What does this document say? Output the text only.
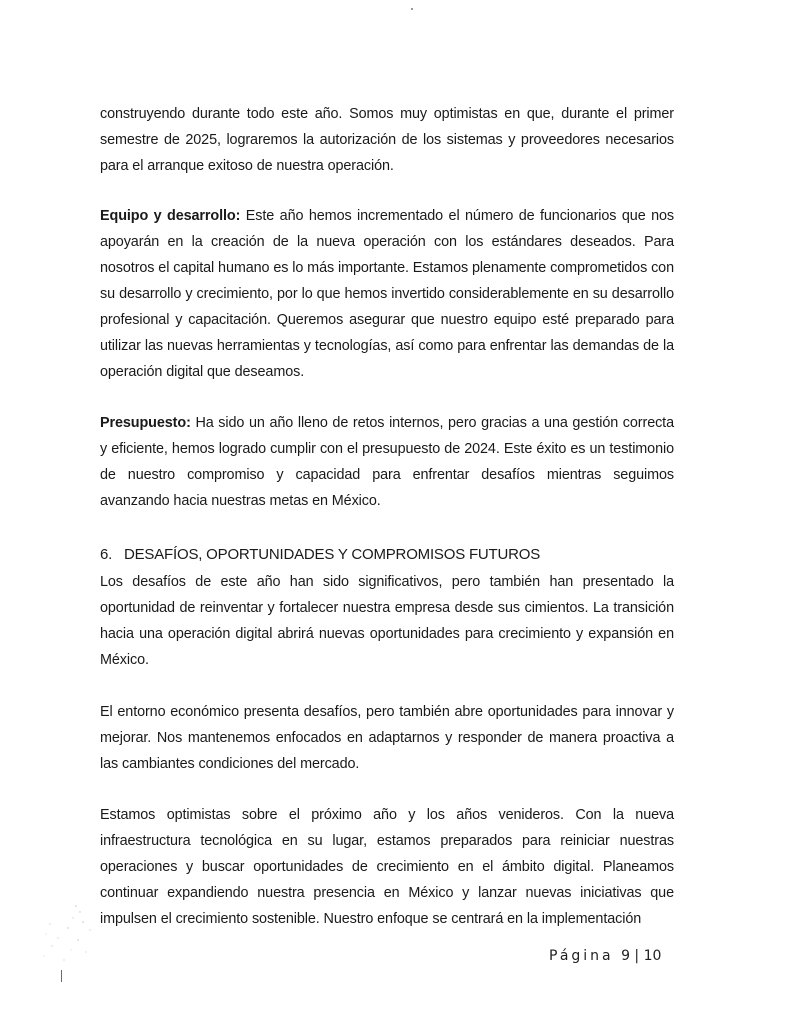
construyendo durante todo este año. Somos muy optimistas en que, durante el primer semestre de 2025, lograremos la autorización de los sistemas y proveedores necesarios para el arranque exitoso de nuestra operación.

Equipo y desarrollo: Este año hemos incrementado el número de funcionarios que nos apoyarán en la creación de la nueva operación con los estándares deseados. Para nosotros el capital humano es lo más importante. Estamos plenamente comprometidos con su desarrollo y crecimiento, por lo que hemos invertido considerablemente en su desarrollo profesional y capacitación. Queremos asegurar que nuestro equipo esté preparado para utilizar las nuevas herramientas y tecnologías, así como para enfrentar las demandas de la operación digital que deseamos.

Presupuesto: Ha sido un año lleno de retos internos, pero gracias a una gestión correcta y eficiente, hemos logrado cumplir con el presupuesto de 2024. Este éxito es un testimonio de nuestro compromiso y capacidad para enfrentar desafíos mientras seguimos avanzando hacia nuestras metas en México.

6. DESAFÍOS, OPORTUNIDADES Y COMPROMISOS FUTUROS

Los desafíos de este año han sido significativos, pero también han presentado la oportunidad de reinventar y fortalecer nuestra empresa desde sus cimientos. La transición hacia una operación digital abrirá nuevas oportunidades para crecimiento y expansión en México.

El entorno económico presenta desafíos, pero también abre oportunidades para innovar y mejorar. Nos mantenemos enfocados en adaptarnos y responder de manera proactiva a las cambiantes condiciones del mercado.

Estamos optimistas sobre el próximo año y los años venideros. Con la nueva infraestructura tecnológica en su lugar, estamos preparados para reiniciar nuestras operaciones y buscar oportunidades de crecimiento en el ámbito digital. Planeamos continuar expandiendo nuestra presencia en México y lanzar nuevas iniciativas que impulsen el crecimiento sostenible. Nuestro enfoque se centrará en la implementación

Página 9 | 10
